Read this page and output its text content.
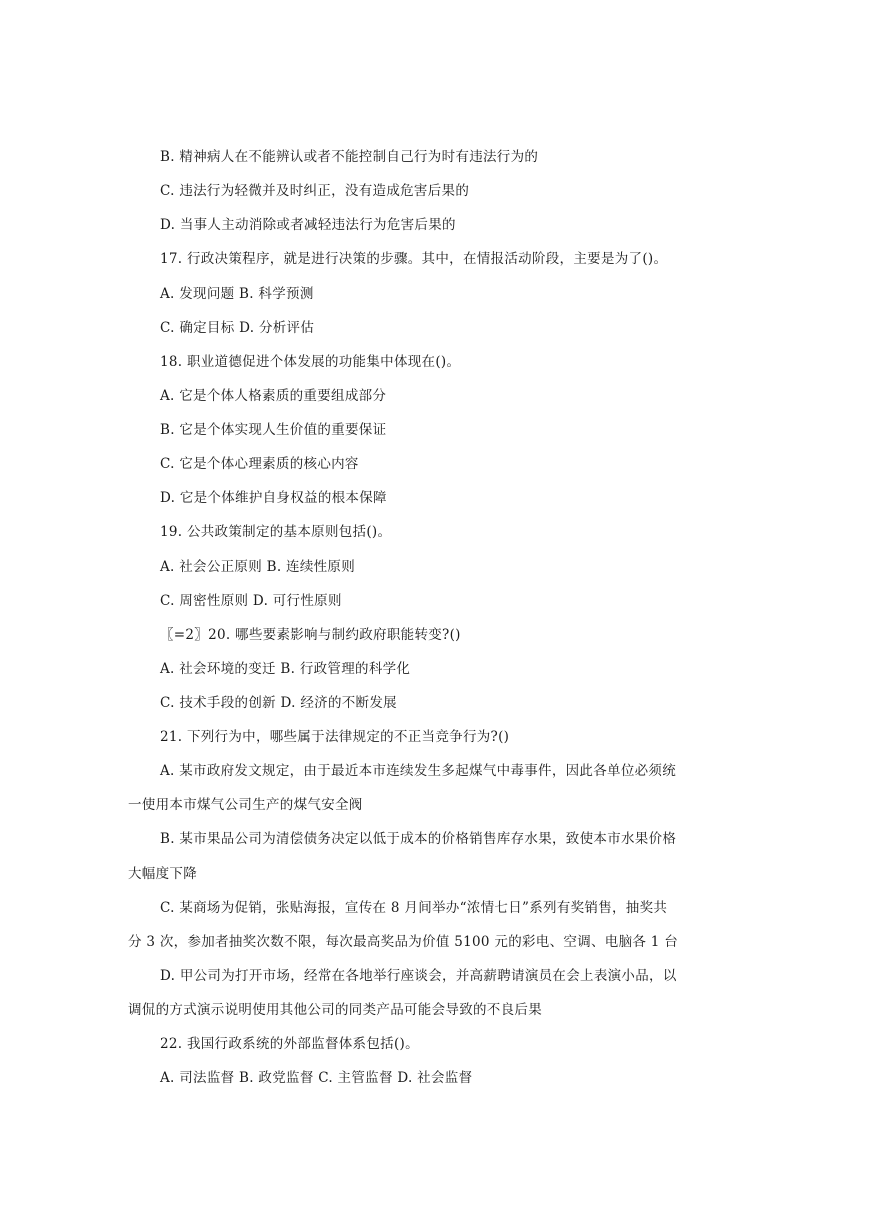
B. 精神病人在不能辨认或者不能控制自己行为时有违法行为的
C. 违法行为轻微并及时纠正，没有造成危害后果的
D. 当事人主动消除或者减轻违法行为危害后果的
17. 行政决策程序，就是进行决策的步骤。其中，在情报活动阶段，主要是为了()。
A. 发现问题 B. 科学预测
C. 确定目标 D. 分析评估
18. 职业道德促进个体发展的功能集中体现在()。
A. 它是个体人格素质的重要组成部分
B. 它是个体实现人生价值的重要保证
C. 它是个体心理素质的核心内容
D. 它是个体维护自身权益的根本保障
19. 公共政策制定的基本原则包括()。
A. 社会公正原则 B. 连续性原则
C. 周密性原则 D. 可行性原则
〖=2〗20. 哪些要素影响与制约政府职能转变?()
A. 社会环境的变迁 B. 行政管理的科学化
C. 技术手段的创新 D. 经济的不断发展
21. 下列行为中，哪些属于法律规定的不正当竞争行为?()
A. 某市政府发文规定，由于最近本市连续发生多起煤气中毒事件，因此各单位必须统
一使用本市煤气公司生产的煤气安全阀
B. 某市果品公司为清偿债务决定以低于成本的价格销售库存水果，致使本市水果价格
大幅度下降
C. 某商场为促销，张贴海报，宣传在 8 月间举办“浓情七日”系列有奖销售，抽奖共
分 3 次，参加者抽奖次数不限，每次最高奖品为价值 5100 元的彩电、空调、电脑各 1 台
D. 甲公司为打开市场，经常在各地举行座谈会，并高薪聘请演员在会上表演小品，以
调侃的方式演示说明使用其他公司的同类产品可能会导致的不良后果
22. 我国行政系统的外部监督体系包括()。
A. 司法监督 B. 政党监督 C. 主管监督 D. 社会监督
